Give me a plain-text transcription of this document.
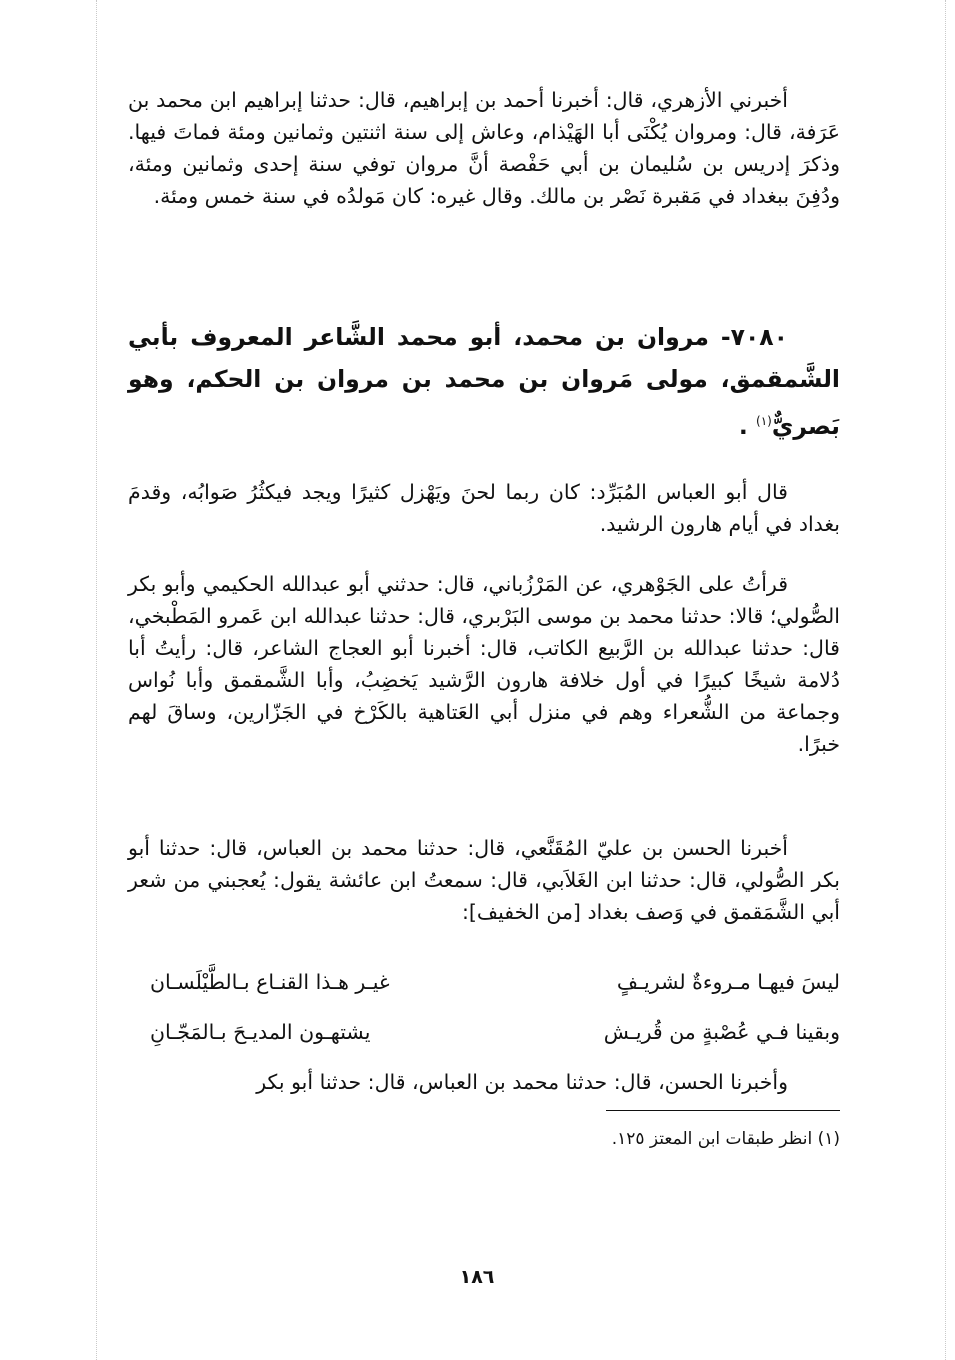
أخبرني الأزهري، قال: أخبرنا أحمد بن إبراهيم، قال: حدثنا إبراهيم ابن محمد بن عَرَفة، قال: ومروان يُكْنَى أبا الهَيْذام، وعاش إلى سنة اثنتين وثمانين ومئة فماتَ فيها. وذكرَ إدريس بن سُليمان بن أبي حَفْصة أنَّ مروان توفي سنة إحدى وثمانين ومئة، ودُفِنَ ببغداد في مَقبرة نَصْر بن مالك. وقال غيره: كان مَولدُه في سنة خمس ومئة.

٧٠٨٠- مروان بن محمد، أبو محمد الشَّاعر المعروف بأبي الشَّمقمق، مولى مَروان بن محمد بن مروان بن الحكم، وهو بَصريٌّ$^{(١)}$ .

قال أبو العباس المُبَرِّد: كان ربما لحنَ ويَهْزل كثيرًا ويجد فيكثُرُ صَوابُه، وقدمَ بغداد في أيام هارون الرشيد.

قرأتُ على الجَوْهري، عن المَرْزُباني، قال: حدثني أبو عبدالله الحكيمي وأبو بكر الصُّولي؛ قالا: حدثنا محمد بن موسى البَرْبري، قال: حدثنا عبدالله ابن عَمرو المَطْبخي، قال: حدثنا عبدالله بن الرَّبيع الكاتب، قال: أخبرنا أبو العجاج الشاعر، قال: رأيتُ أبا دُلامة شيخًا كبيرًا في أول خلافة هارون الرَّشيد يَخضِبُ، وأبا الشَّمقمق وأبا نُواس وجماعة من الشُّعراء وهم في منزل أبي العَتاهية بالكَرْخ في الجَزّارين، وساقَ لهم خبرًا.

أخبرنا الحسن بن عليّ المُقَنَّعي، قال: حدثنا محمد بن العباس، قال: حدثنا أبو بكر الصُّولي، قال: حدثنا ابن الغَلاَبي، قال: سمعتُ ابن عائشة يقول: يُعجبني من شعر أبي الشَّمَقمق في وَصف بغداد [من الخفيف]:

ليسَ فيهـا مـروءةٌ لشريـفٍ
غيـر هـذا القنـاع بـالطَّيْلَسـان
وبقينا فـي عُصْبةٍ من قُريـش
يشتهـون المديـحَ بـالمَجّـانِ

وأخبرنا الحسن، قال: حدثنا محمد بن العباس، قال: حدثنا أبو بكر

(١) انظر طبقات ابن المعتز ١٢٥.
١٨٦
